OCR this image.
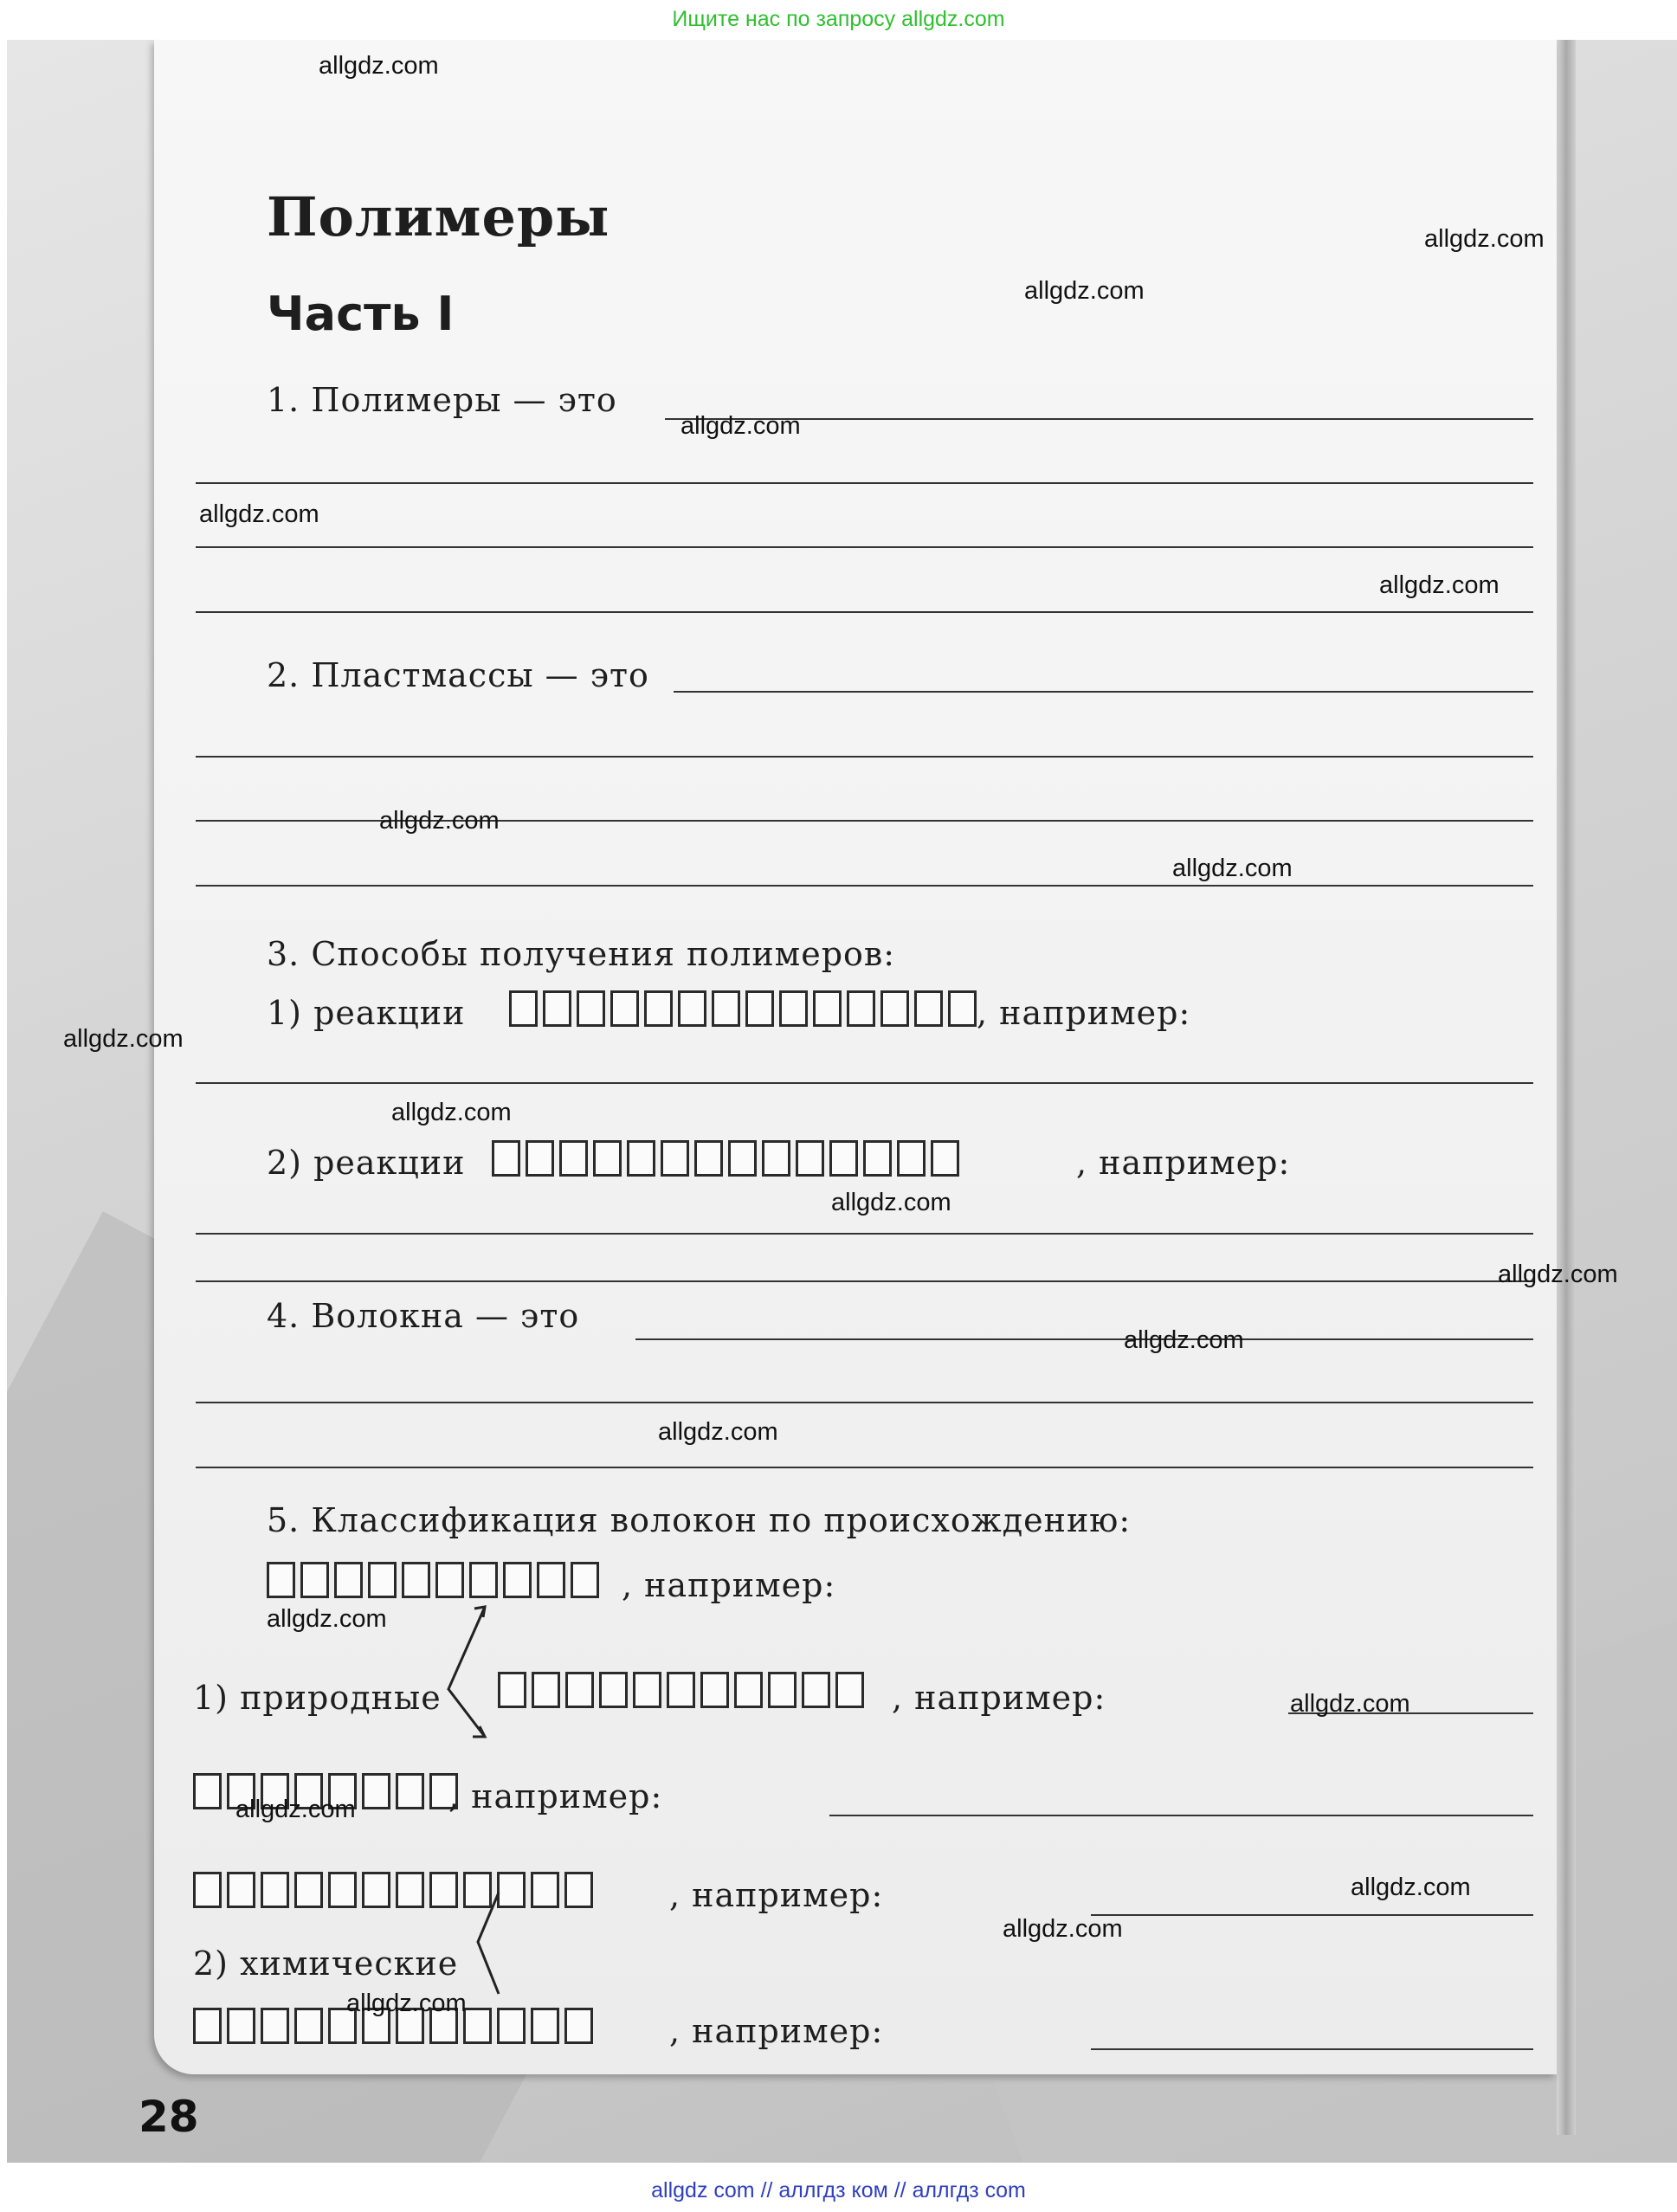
Ищите нас по запросу allgdz.com
Полимеры
Часть I
1. Полимеры — это
2. Пластмассы — это
3. Способы получения полимеров:
1) реакции	, например:
2) реакции	, например:
4. Волокна — это
5. Классификация волокон по происхождению:
, например:
1) природные	, например:
, например:
, например:
2) химические
, например:
allgdz.com
allgdz.com
allgdz.com
allgdz.com
allgdz.com
allgdz.com
allgdz.com
allgdz.com
allgdz.com
allgdz.com
allgdz.com
allgdz.com
allgdz.com
allgdz.com
allgdz.com
allgdz.com
allgdz.com
allgdz.com
allgdz.com
allgdz.com
28
allgdz com // аллгдз ком // аллгдз com
